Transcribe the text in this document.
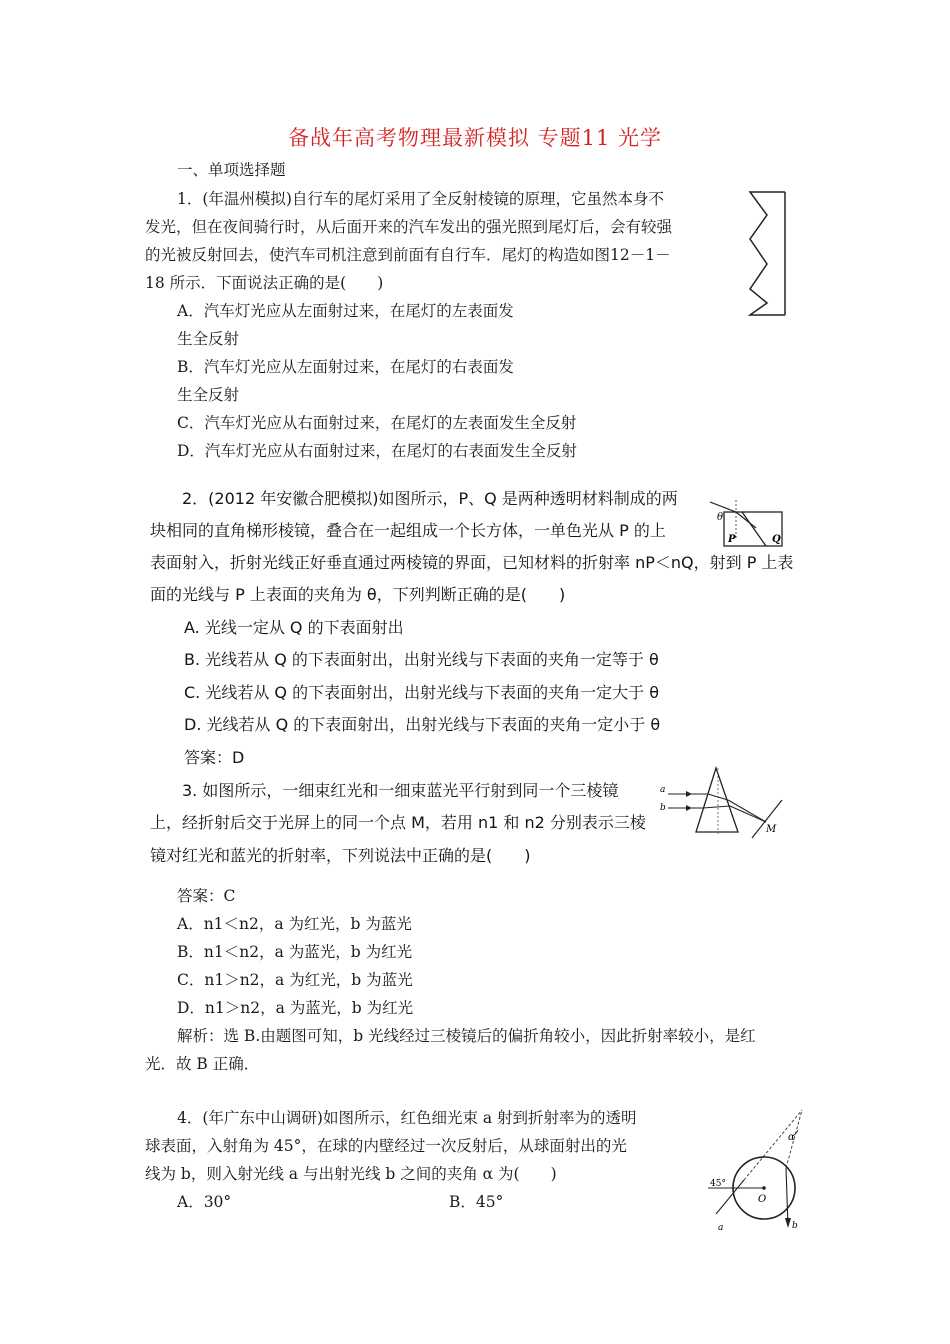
备战年高考物理最新模拟 专题11 光学
一、单项选择题
1．(年温州模拟)自行车的尾灯采用了全反射棱镜的原理，它虽然本身不
发光，但在夜间骑行时，从后面开来的汽车发出的强光照到尾灯后，会有较强
的光被反射回去，使汽车司机注意到前面有自行车．尾灯的构造如图12－1－
18 所示．下面说法正确的是(　　)
A．汽车灯光应从左面射过来，在尾灯的左表面发
生全反射
B．汽车灯光应从左面射过来，在尾灯的右表面发
生全反射
C．汽车灯光应从右面射过来，在尾灯的左表面发生全反射
D．汽车灯光应从右面射过来，在尾灯的右表面发生全反射
2．(2012 年安徽合肥模拟)如图所示，P、Q 是两种透明材料制成的两
块相同的直角梯形棱镜，叠合在一起组成一个长方体，一单色光从 P 的上
表面射入，折射光线正好垂直通过两棱镜的界面，已知材料的折射率 nP＜nQ，射到 P 上表
面的光线与 P 上表面的夹角为 θ，下列判断正确的是(　　)
A. 光线一定从 Q 的下表面射出
B. 光线若从 Q 的下表面射出，出射光线与下表面的夹角一定等于 θ
C. 光线若从 Q 的下表面射出，出射光线与下表面的夹角一定大于 θ
D. 光线若从 Q 的下表面射出，出射光线与下表面的夹角一定小于 θ
答案：D
θ
P	Q
3. 如图所示，一细束红光和一细束蓝光平行射到同一个三棱镜
上，经折射后交于光屏上的同一个点 M，若用 n1 和 n2 分别表示三棱
镜对红光和蓝光的折射率，下列说法中正确的是(　　)
答案：C
A．n1＜n2，a 为红光，b 为蓝光
B．n1＜n2，a 为蓝光，b 为红光
C．n1＞n2，a 为红光，b 为蓝光
D．n1＞n2，a 为蓝光，b 为红光
解析：选 B.由题图可知，b 光线经过三棱镜后的偏折角较小，因此折射率较小，是红
光．故 B 正确．
a
b
M
4．(年广东中山调研)如图所示，红色细光束 a 射到折射率为的透明
球表面，入射角为 45°，在球的内壁经过一次反射后，从球面射出的光
线为 b，则入射光线 a 与出射光线 b 之间的夹角 α 为(　　)
A．30°	B．45°
α
45°
O
a	b
